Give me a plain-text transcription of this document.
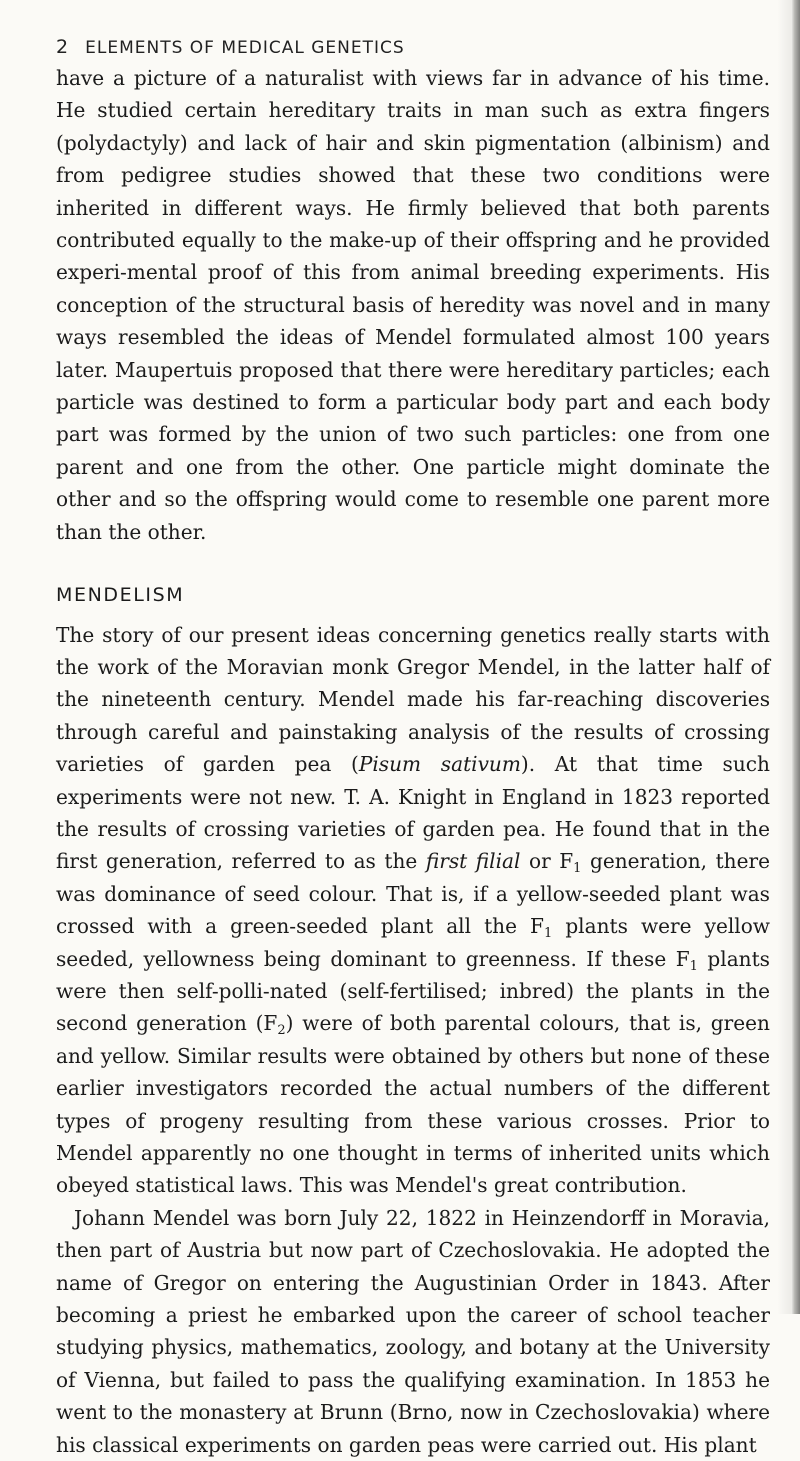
2 ELEMENTS OF MEDICAL GENETICS

have a picture of a naturalist with views far in advance of his time. He studied certain hereditary traits in man such as extra fingers (polydactyly) and lack of hair and skin pigmentation (albinism) and from pedigree studies showed that these two conditions were inherited in different ways. He firmly believed that both parents contributed equally to the make-up of their offspring and he provided experi-mental proof of this from animal breeding experiments. His conception of the structural basis of heredity was novel and in many ways resembled the ideas of Mendel formulated almost 100 years later. Maupertuis proposed that there were hereditary particles; each particle was destined to form a particular body part and each body part was formed by the union of two such particles: one from one parent and one from the other. One particle might dominate the other and so the offspring would come to resemble one parent more than the other.

MENDELISM

The story of our present ideas concerning genetics really starts with the work of the Moravian monk Gregor Mendel, in the latter half of the nineteenth century. Mendel made his far-reaching discoveries through careful and painstaking analysis of the results of crossing varieties of garden pea (Pisum sativum). At that time such experiments were not new. T. A. Knight in England in 1823 reported the results of crossing varieties of garden pea. He found that in the first generation, referred to as the first filial or $F_1$ generation, there was dominance of seed colour. That is, if a yellow-seeded plant was crossed with a green-seeded plant all the $F_1$ plants were yellow seeded, yellowness being dominant to greenness. If these $F_1$ plants were then self-polli-nated (self-fertilised; inbred) the plants in the second generation $(F_2)$ were of both parental colours, that is, green and yellow. Similar results were obtained by others but none of these earlier investigators recorded the actual numbers of the different types of progeny resulting from these various crosses. Prior to Mendel apparently no one thought in terms of inherited units which obeyed statistical laws. This was Mendel's great contribution.

Johann Mendel was born July 22, 1822 in Heinzendorff in Moravia, then part of Austria but now part of Czechoslovakia. He adopted the name of Gregor on entering the Augustinian Order in 1843. After becoming a priest he embarked upon the career of school teacher studying physics, mathematics, zoology, and botany at the University of Vienna, but failed to pass the qualifying examination. In 1853 he went to the monastery at Brunn (Brno, now in Czechoslovakia) where his classical experiments on garden peas were carried out. His plant
